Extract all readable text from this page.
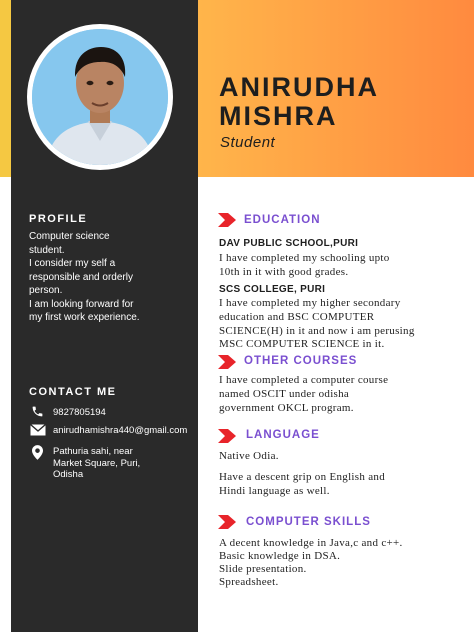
ANIRUDHA
MISHRA
Student
PROFILE
Computer science
student.
I consider my self a
responsible and orderly
person.
I am looking forward for
my first work experience.
CONTACT ME
9827805194
anirudhamishra440@gmail.com
Pathuria sahi, near
Market Square, Puri,
Odisha
EDUCATION
DAV PUBLIC SCHOOL,PURI
I have completed my schooling upto
10th in it with good grades.
SCS COLLEGE, PURI
I have completed my higher secondary
education and BSC COMPUTER
SCIENCE(H) in it and now i am perusing
MSC COMPUTER SCIENCE in it.
OTHER COURSES
I have completed a computer course
named OSCIT under odisha
government OKCL program.
LANGUAGE
Native Odia.
Have a descent grip on English and
Hindi language as well.
COMPUTER SKILLS
A decent knowledge in Java,c and c++.
Basic knowledge in DSA.
Slide presentation.
Spreadsheet.
